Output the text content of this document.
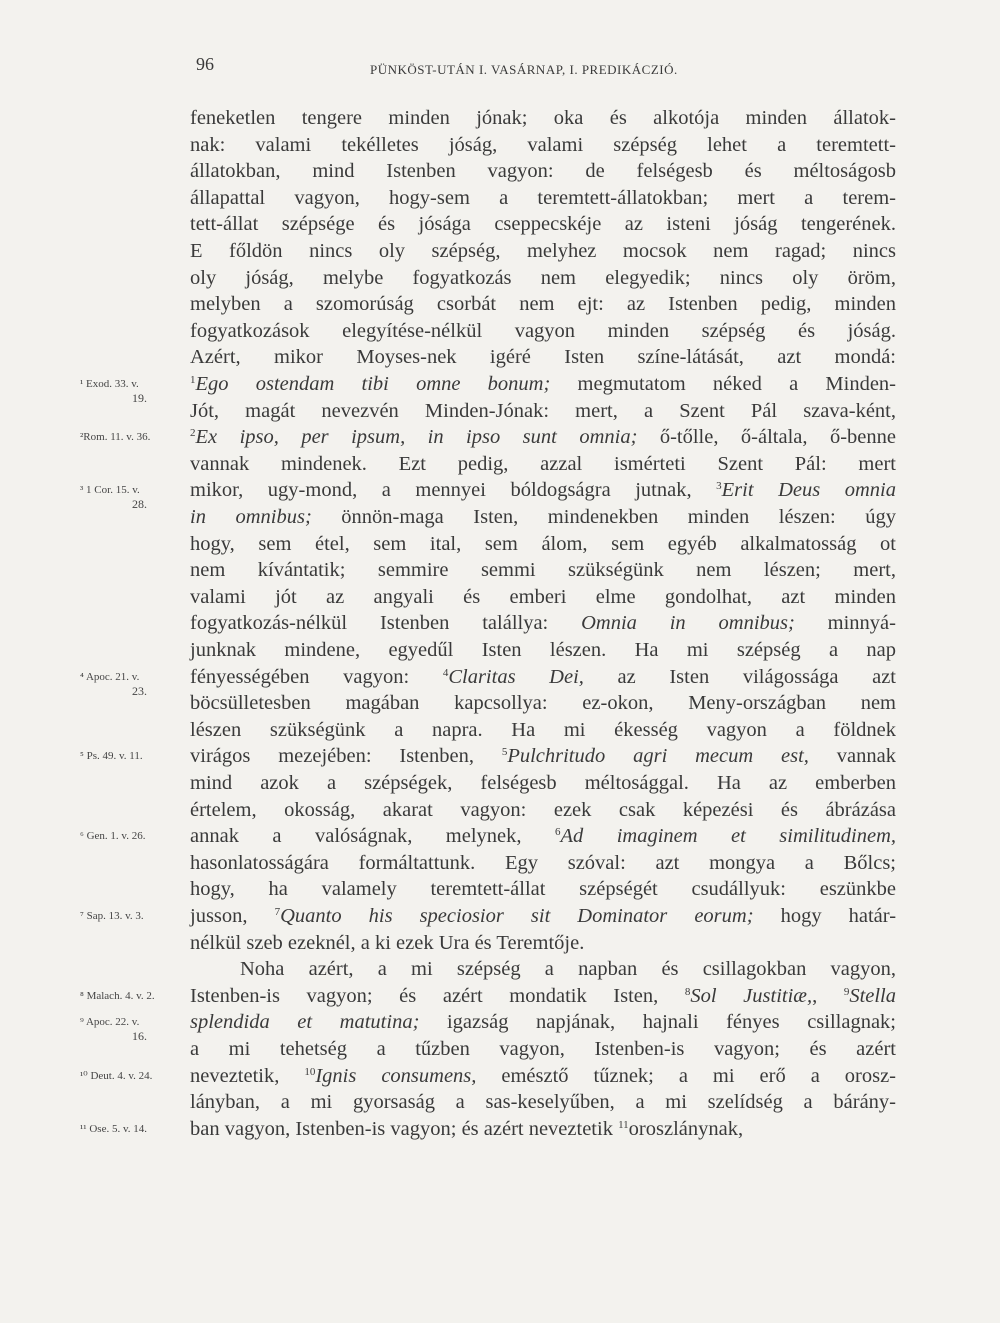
96	PÜNKÖST-UTÁN I. VASÁRNAP, I. PREDIKÁCZIÓ.
feneketlen tengere minden jónak; oka és alkotója minden állatok-
nak: valami tekélletes jóság, valami szépség lehet a teremtett-
állatokban, mind Istenben vagyon: de felségesb és méltoságosb
állapattal vagyon, hogy-sem a teremtett-állatokban; mert a terem-
tett-állat szépsége és jósága cseppecskéje az isteni jóság tengerének.
E főldön nincs oly szépség, melyhez mocsok nem ragad; nincs
oly jóság, melybe fogyatkozás nem elegyedik; nincs oly öröm,
melyben a szomorúság csorbát nem ejt: az Istenben pedig, minden
fogyatkozások elegyítése-nélkül vagyon minden szépség és jóság.
Azért, mikor Moyses-nek igéré Isten színe-látását, azt mondá:
$^1$Ego ostendam tibi omne bonum; megmutatom néked a Minden-
Jót, magát nevezvén Minden-Jónak: mert, a Szent Pál szava-ként,
$^2$Ex ipso, per ipsum, in ipso sunt omnia; ő-tőlle, ő-általa, ő-benne
vannak mindenek. Ezt pedig, azzal ismérteti Szent Pál: mert
mikor, ugy-mond, a mennyei bóldogságra jutnak, $^3$Erit Deus omnia
in omnibus; önnön-maga Isten, mindenekben minden lészen: úgy
hogy, sem étel, sem ital, sem álom, sem egyéb alkalmatosság ot
nem kívántatik; semmire semmi szükségünk nem lészen; mert,
valami jót az angyali és emberi elme gondolhat, azt minden
fogyatkozás-nélkül Istenben talállya: Omnia in omnibus; minnyá-
junknak mindene, egyedűl Isten lészen. Ha mi szépség a nap
fényességében vagyon: $^4$Claritas Dei, az Isten világossága azt
böcsülletesben magában kapcsollya: ez-okon, Meny-országban nem
lészen szükségünk a napra. Ha mi ékesség vagyon a földnek
virágos mezejében: Istenben, $^5$Pulchritudo agri mecum est, vannak
mind azok a szépségek, felségesb méltosággal. Ha az emberben
értelem, okosság, akarat vagyon: ezek csak képezési és ábrázása
annak a valóságnak, melynek, $^6$Ad imaginem et similitudinem,
hasonlatosságára formáltattunk. Egy szóval: azt mongya a Bőlcs;
hogy, ha valamely teremtett-állat szépségét csudállyuk: eszünkbe
jusson, $^7$Quanto his speciosior sit Dominator eorum; hogy határ-
nélkül szeb ezeknél, a ki ezek Ura és Teremtője.
Noha azért, a mi szépség a napban és csillagokban vagyon,
Istenben-is vagyon; és azért mondatik Isten, $^8$Sol Justitiæ,, $^9$Stella
splendida et matutina; igazság napjának, hajnali fényes csillagnak;
a mi tehetség a tűzben vagyon, Istenben-is vagyon; és azért
neveztetik, $^{10}$Ignis consumens, emésztő tűznek; a mi erő a orosz-
lányban, a mi gyorsaság a sas-keselyűben, a mi szelídség a bárány-
ban vagyon, Istenben-is vagyon; és azért neveztetik $^{11}$oroszlánynak,
¹ Exod. 33. v.
19.
²Rom. 11. v. 36.
³ 1 Cor. 15. v.
28.
⁴ Apoc. 21. v.
23.
⁵ Ps. 49. v. 11.
⁶ Gen. 1. v. 26.
⁷ Sap. 13. v. 3.
⁸ Malach. 4. v. 2.
⁹ Apoc. 22. v.
16.
¹⁰ Deut. 4. v. 24.
¹¹ Ose. 5. v. 14.
